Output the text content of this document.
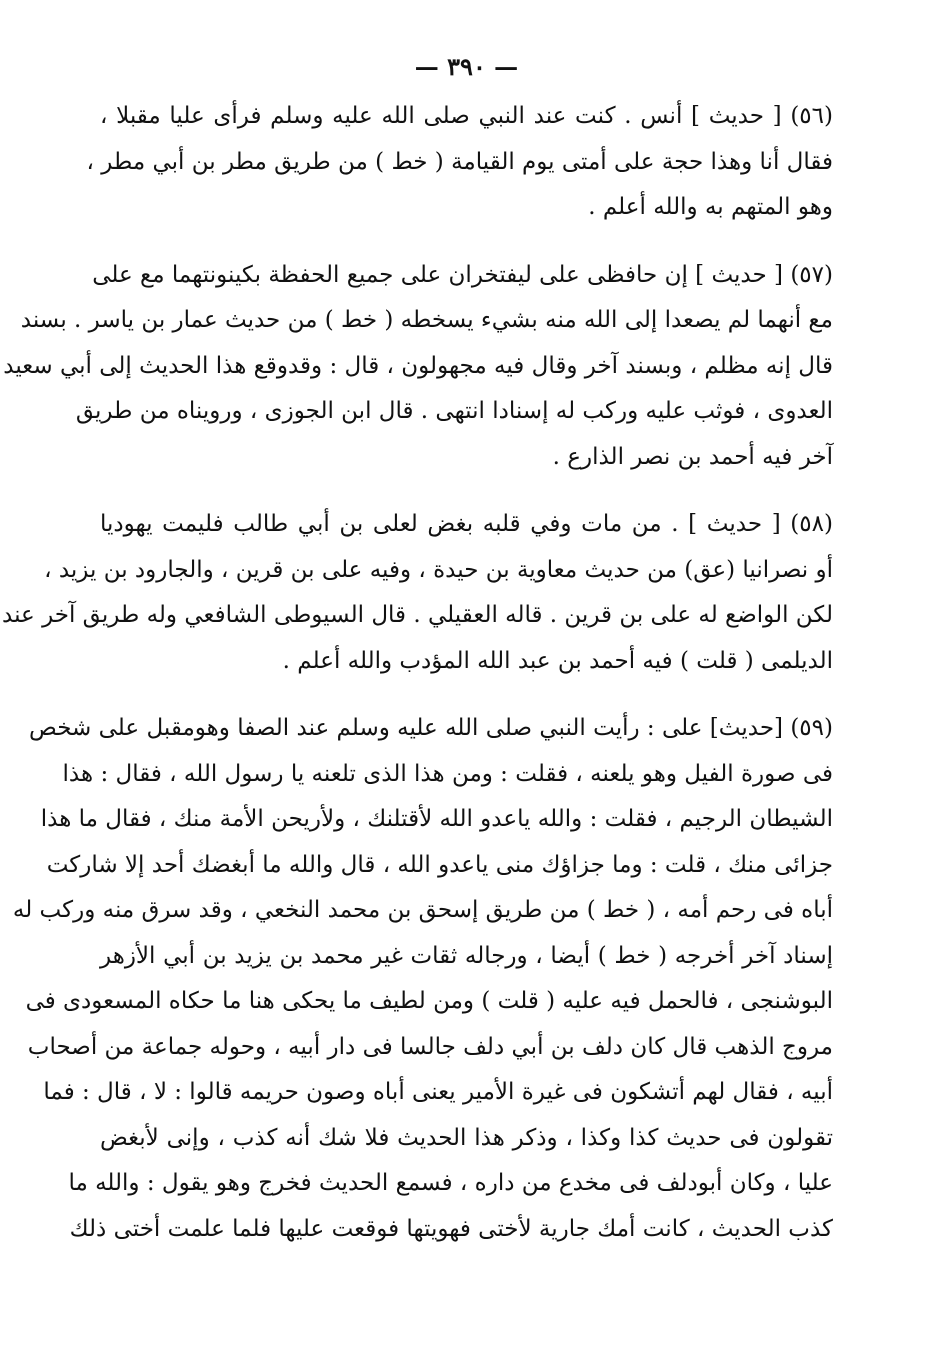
— ٣٩٠ —
(٥٦) [ حديث ] أنس . كنت عند النبي صلى الله عليه وسلم فرأى عليا مقبلا ،
فقال أنا وهذا حجة على أمتى يوم القيامة ( خط ) من طريق مطر بن أبي مطر ،
وهو المتهم به والله أعلم .
(٥٧) [ حديث ] إن حافظى على ليفتخران على جميع الحفظة بكينونتهما مع على
مع أنهما لم يصعدا إلى الله منه بشيء يسخطه ( خط ) من حديث عمار بن ياسر . بسند
قال إنه مظلم ، وبسند آخر وقال فيه مجهولون ، قال : وقدوقع هذا الحديث إلى أبي سعيد
العدوى ، فوثب عليه وركب له إسنادا انتهى . قال ابن الجوزى ، ورويناه من طريق
آخر فيه أحمد بن نصر الذارع .
(٥٨) [ حديث ] . من مات وفي قلبه بغض لعلى بن أبي طالب فليمت يهوديا
أو نصرانيا (عق) من حديث معاوية بن حيدة ، وفيه على بن قرين ، والجارود بن يزيد ،
لكن الواضع له على بن قرين . قاله العقيلي . قال السيوطى الشافعي وله طريق آخر عند
الديلمى ( قلت ) فيه أحمد بن عبد الله المؤدب والله أعلم .
(٥٩) [حديث] على : رأيت النبي صلى الله عليه وسلم عند الصفا وهومقبل على شخص
فى صورة الفيل وهو يلعنه ، فقلت : ومن هذا الذى تلعنه يا رسول الله ، فقال : هذا
الشيطان الرجيم ، فقلت : والله ياعدو الله لأقتلنك ، ولأريحن الأمة منك ، فقال ما هذا
جزائى منك ، قلت : وما جزاؤك منى ياعدو الله ، قال والله ما أبغضك أحد إلا شاركت
أباه فى رحم أمه ، ( خط ) من طريق إسحق بن محمد النخعي ، وقد سرق منه وركب له
إسناد آخر أخرجه ( خط ) أيضا ، ورجاله ثقات غير محمد بن يزيد بن أبي الأزهر
البوشنجى ، فالحمل فيه عليه ( قلت ) ومن لطيف ما يحكى هنا ما حكاه المسعودى فى
مروج الذهب قال كان دلف بن أبي دلف جالسا فى دار أبيه ، وحوله جماعة من أصحاب
أبيه ، فقال لهم أتشكون فى غيرة الأمير يعنى أباه وصون حريمه قالوا : لا ، قال : فما
تقولون فى حديث كذا وكذا ، وذكر هذا الحديث فلا شك أنه كذب ، وإنى لأبغض
عليا ، وكان أبودلف فى مخدع من داره ، فسمع الحديث فخرج وهو يقول : والله ما
كذب الحديث ، كانت أمك جارية لأختى فهويتها فوقعت عليها فلما علمت أختى ذلك
